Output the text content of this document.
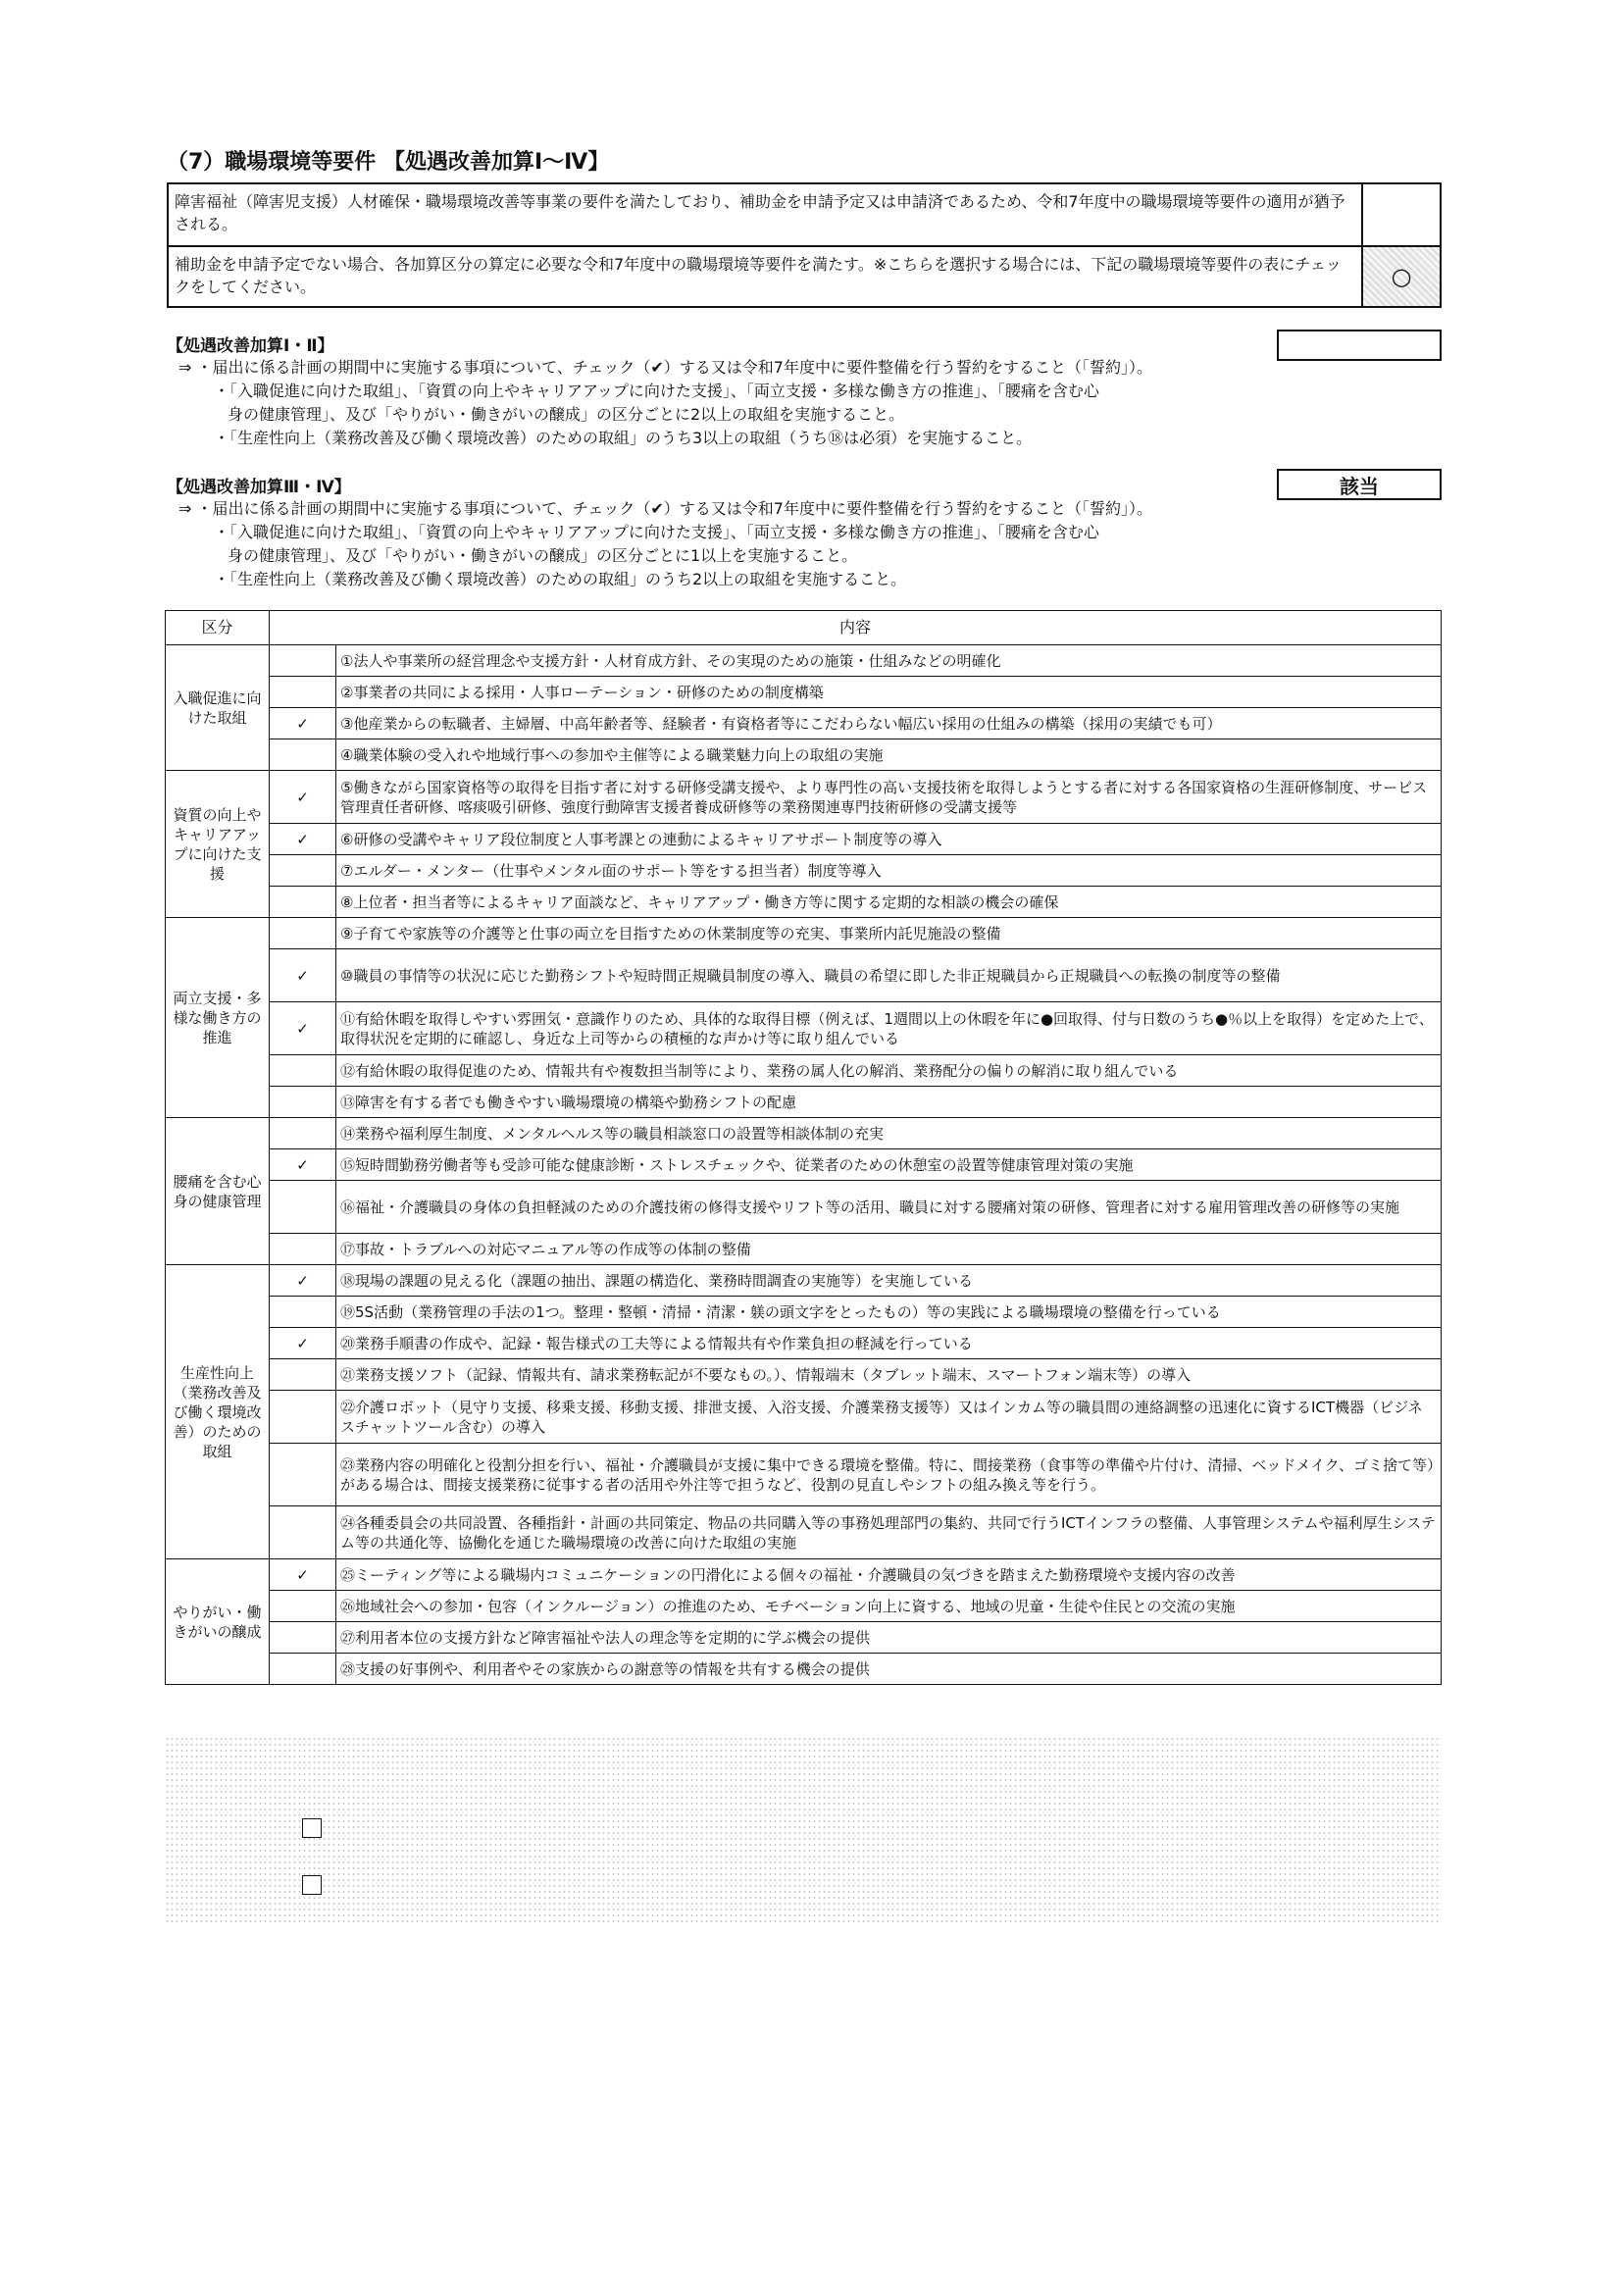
（7）職場環境等要件 【処遇改善加算Ⅰ～Ⅳ】
障害福祉（障害児支援）人材確保・職場環境改善等事業の要件を満たしており、補助金を申請予定又は申請済であるため、令和7年度中の職場環境等要件の適用が猶予される。
補助金を申請予定でない場合、各加算区分の算定に必要な令和7年度中の職場環境等要件を満たす。※こちらを選択する場合には、下記の職場環境等要件の表にチェックをしてください。	○
【処遇改善加算Ⅰ・Ⅱ】
⇒ ・届出に係る計画の期間中に実施する事項について、チェック（✔）する又は令和7年度中に要件整備を行う誓約をすること（「誓約」）。
・「入職促進に向けた取組」、「資質の向上やキャリアアップに向けた支援」、「両立支援・多様な働き方の推進」、「腰痛を含む心
身の健康管理」、及び「やりがい・働きがいの醸成」の区分ごとに2以上の取組を実施すること。
・「生産性向上（業務改善及び働く環境改善）のための取組」のうち3以上の取組（うち⑱は必須）を実施すること。
【処遇改善加算Ⅲ・Ⅳ】	該当
⇒ ・届出に係る計画の期間中に実施する事項について、チェック（✔）する又は令和7年度中に要件整備を行う誓約をすること（「誓約」）。
・「入職促進に向けた取組」、「資質の向上やキャリアアップに向けた支援」、「両立支援・多様な働き方の推進」、「腰痛を含む心
身の健康管理」、及び「やりがい・働きがいの醸成」の区分ごとに1以上を実施すること。
・「生産性向上（業務改善及び働く環境改善）のための取組」のうち2以上の取組を実施すること。
区分	内容	
入職促進に向けた取組		①法人や事業所の経営理念や支援方針・人材育成方針、その実現のための施策・仕組みなどの明確化
		②事業者の共同による採用・人事ローテーション・研修のための制度構築
	✓	③他産業からの転職者、主婦層、中高年齢者等、経験者・有資格者等にこだわらない幅広い採用の仕組みの構築（採用の実績でも可）
		④職業体験の受入れや地域行事への参加や主催等による職業魅力向上の取組の実施
資質の向上やキャリアアップに向けた支援	✓	⑤働きながら国家資格等の取得を目指す者に対する研修受講支援や、より専門性の高い支援技術を取得しようとする者に対する各国家資格の生涯研修制度、サービス管理責任者研修、喀痰吸引研修、強度行動障害支援者養成研修等の業務関連専門技術研修の受講支援等
	✓	⑥研修の受講やキャリア段位制度と人事考課との連動によるキャリアサポート制度等の導入
		⑦エルダー・メンター（仕事やメンタル面のサポート等をする担当者）制度等導入
		⑧上位者・担当者等によるキャリア面談など、キャリアアップ・働き方等に関する定期的な相談の機会の確保
両立支援・多様な働き方の推進		⑨子育てや家族等の介護等と仕事の両立を目指すための休業制度等の充実、事業所内託児施設の整備
	✓	⑩職員の事情等の状況に応じた勤務シフトや短時間正規職員制度の導入、職員の希望に即した非正規職員から正規職員への転換の制度等の整備
	✓	⑪有給休暇を取得しやすい雰囲気・意識作りのため、具体的な取得目標（例えば、1週間以上の休暇を年に●回取得、付与日数のうち●％以上を取得）を定めた上で、取得状況を定期的に確認し、身近な上司等からの積極的な声かけ等に取り組んでいる
		⑫有給休暇の取得促進のため、情報共有や複数担当制等により、業務の属人化の解消、業務配分の偏りの解消に取り組んでいる
		⑬障害を有する者でも働きやすい職場環境の構築や勤務シフトの配慮
腰痛を含む心身の健康管理		⑭業務や福利厚生制度、メンタルヘルス等の職員相談窓口の設置等相談体制の充実
	✓	⑮短時間勤務労働者等も受診可能な健康診断・ストレスチェックや、従業者のための休憩室の設置等健康管理対策の実施
		⑯福祉・介護職員の身体の負担軽減のための介護技術の修得支援やリフト等の活用、職員に対する腰痛対策の研修、管理者に対する雇用管理改善の研修等の実施
		⑰事故・トラブルへの対応マニュアル等の作成等の体制の整備
生産性向上（業務改善及び働く環境改善）のための取組	✓	⑱現場の課題の見える化（課題の抽出、課題の構造化、業務時間調査の実施等）を実施している
		⑲5S活動（業務管理の手法の1つ。整理・整頓・清掃・清潔・躾の頭文字をとったもの）等の実践による職場環境の整備を行っている
	✓	⑳業務手順書の作成や、記録・報告様式の工夫等による情報共有や作業負担の軽減を行っている
		㉑業務支援ソフト（記録、情報共有、請求業務転記が不要なもの。）、情報端末（タブレット端末、スマートフォン端末等）の導入
		㉒介護ロボット（見守り支援、移乗支援、移動支援、排泄支援、入浴支援、介護業務支援等）又はインカム等の職員間の連絡調整の迅速化に資するICT機器（ビジネスチャットツール含む）の導入
		㉓業務内容の明確化と役割分担を行い、福祉・介護職員が支援に集中できる環境を整備。特に、間接業務（食事等の準備や片付け、清掃、ベッドメイク、ゴミ捨て等）がある場合は、間接支援業務に従事する者の活用や外注等で担うなど、役割の見直しやシフトの組み換え等を行う。
		㉔各種委員会の共同設置、各種指針・計画の共同策定、物品の共同購入等の事務処理部門の集約、共同で行うICTインフラの整備、人事管理システムや福利厚生システム等の共通化等、協働化を通じた職場環境の改善に向けた取組の実施
やりがい・働きがいの醸成	✓	㉕ミーティング等による職場内コミュニケーションの円滑化による個々の福祉・介護職員の気づきを踏まえた勤務環境や支援内容の改善
		㉖地域社会への参加・包容（インクルージョン）の推進のため、モチベーション向上に資する、地域の児童・生徒や住民との交流の実施
		㉗利用者本位の支援方針など障害福祉や法人の理念等を定期的に学ぶ機会の提供
		㉘支援の好事例や、利用者やその家族からの謝意等の情報を共有する機会の提供
